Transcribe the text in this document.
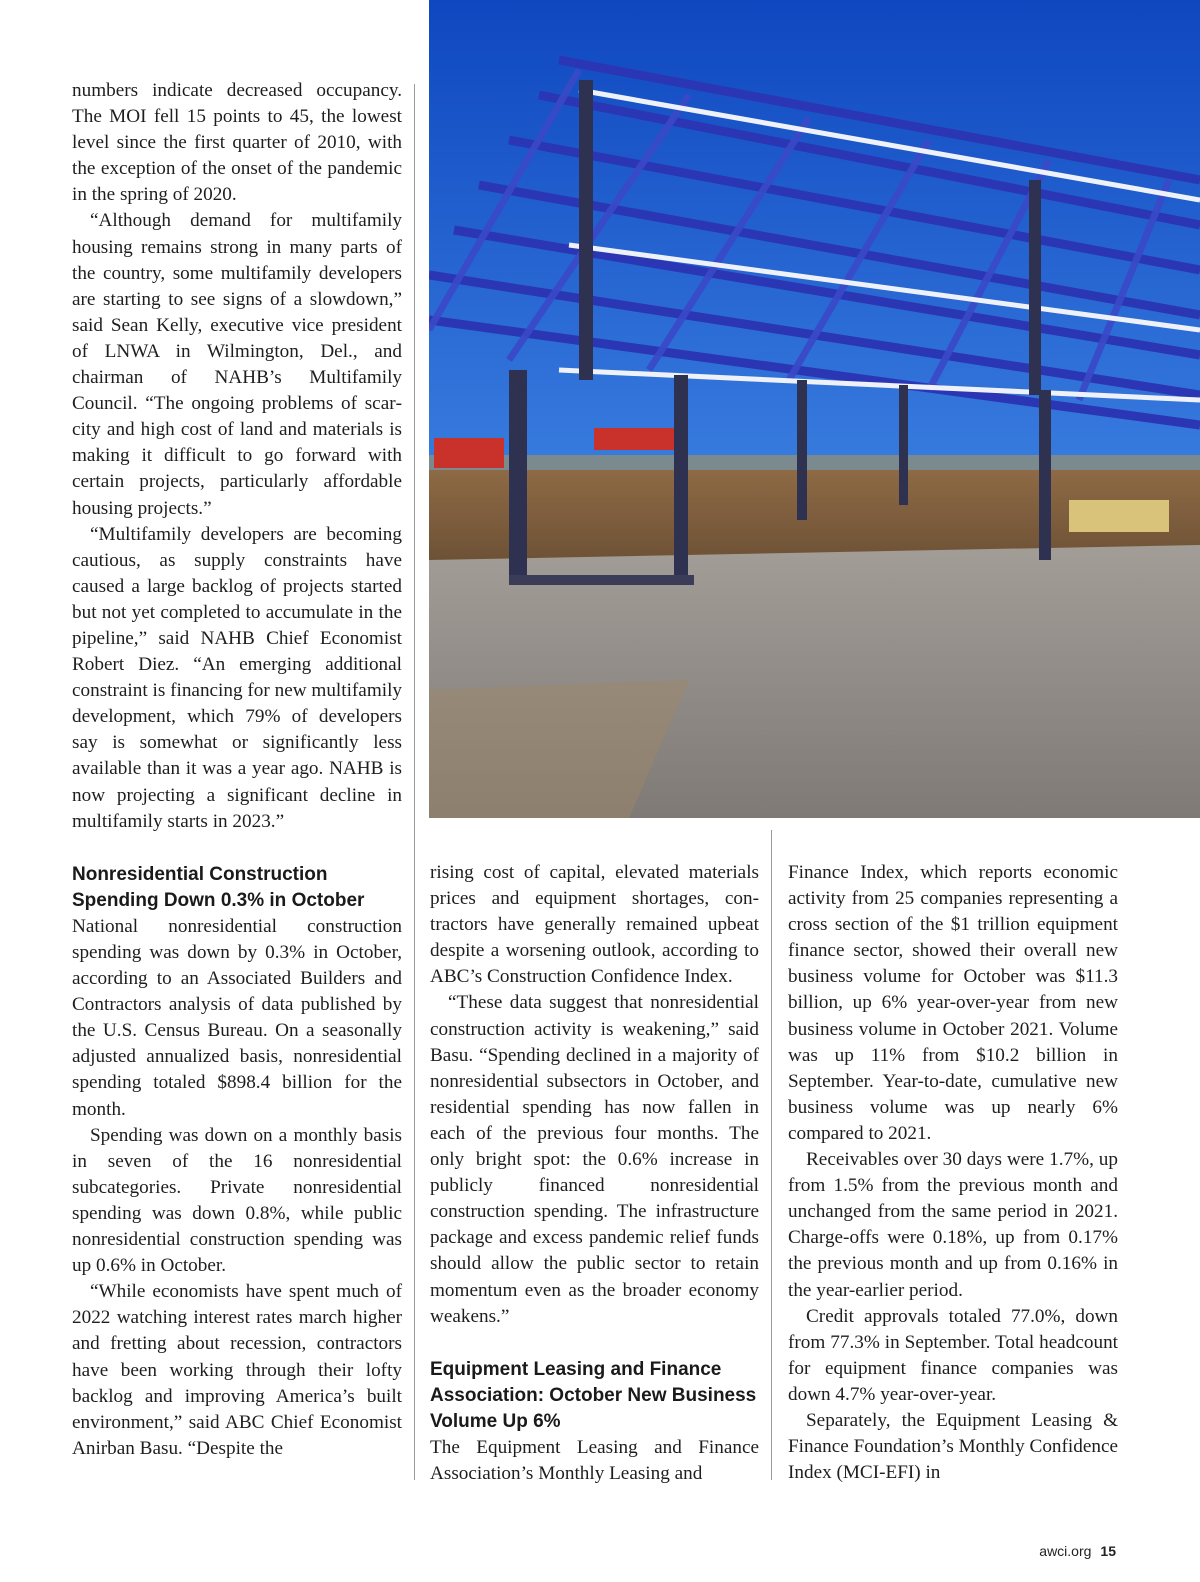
numbers indicate decreased occupancy. The MOI fell 15 points to 45, the lowest level since the first quarter of 2010, with the exception of the onset of the pandemic in the spring of 2020.

“Although demand for multifamily housing remains strong in many parts of the country, some multifamily developers are starting to see signs of a slowdown,” said Sean Kelly, executive vice president of LNWA in Wilmington, Del., and chairman of NAHB’s Multifamily Council. “The ongoing problems of scarcity and high cost of land and materials is making it difficult to go forward with certain projects, particularly affordable housing projects.”

“Multifamily developers are becoming cautious, as supply constraints have caused a large backlog of projects started but not yet completed to accumulate in the pipeline,” said NAHB Chief Economist Robert Diez. “An emerging additional constraint is financing for new multifamily development, which 79% of developers say is somewhat or significantly less available than it was a year ago. NAHB is now projecting a significant decline in multifamily starts in 2023.”

Nonresidential Construction Spending Down 0.3% in October

National nonresidential construction spending was down by 0.3% in October, according to an Associated Builders and Contractors analysis of data published by the U.S. Census Bureau. On a seasonally adjusted annualized basis, nonresidential spending totaled $898.4 billion for the month.

Spending was down on a monthly basis in seven of the 16 nonresidential subcategories. Private nonresidential spending was down 0.8%, while public nonresidential construction spending was up 0.6% in October.

“While economists have spent much of 2022 watching interest rates march higher and fretting about recession, contractors have been working through their lofty backlog and improving America’s built environment,” said ABC Chief Economist Anirban Basu. “Despite the

rising cost of capital, elevated materials prices and equipment shortages, contractors have generally remained upbeat despite a worsening outlook, according to ABC’s Construction Confidence Index.

“These data suggest that nonresidential construction activity is weakening,” said Basu. “Spending declined in a majority of nonresidential subsectors in October, and residential spending has now fallen in each of the previous four months. The only bright spot: the 0.6% increase in publicly financed nonresidential construction spending. The infrastructure package and excess pandemic relief funds should allow the public sector to retain momentum even as the broader economy weakens.”

Equipment Leasing and Finance Association: October New Business Volume Up 6%

The Equipment Leasing and Finance Association’s Monthly Leasing and

Finance Index, which reports economic activity from 25 companies representing a cross section of the $1 trillion equipment finance sector, showed their overall new business volume for October was $11.3 billion, up 6% year-over-year from new business volume in October 2021. Volume was up 11% from $10.2 billion in September. Year-to-date, cumulative new business volume was up nearly 6% compared to 2021.

Receivables over 30 days were 1.7%, up from 1.5% from the previous month and unchanged from the same period in 2021. Charge-offs were 0.18%, up from 0.17% the previous month and up from 0.16% in the year-earlier period.

Credit approvals totaled 77.0%, down from 77.3% in September. Total headcount for equipment finance companies was down 4.7% year-over-year.

Separately, the Equipment Leasing & Finance Foundation’s Monthly Confidence Index (MCI-EFI) in

awci.org 15
